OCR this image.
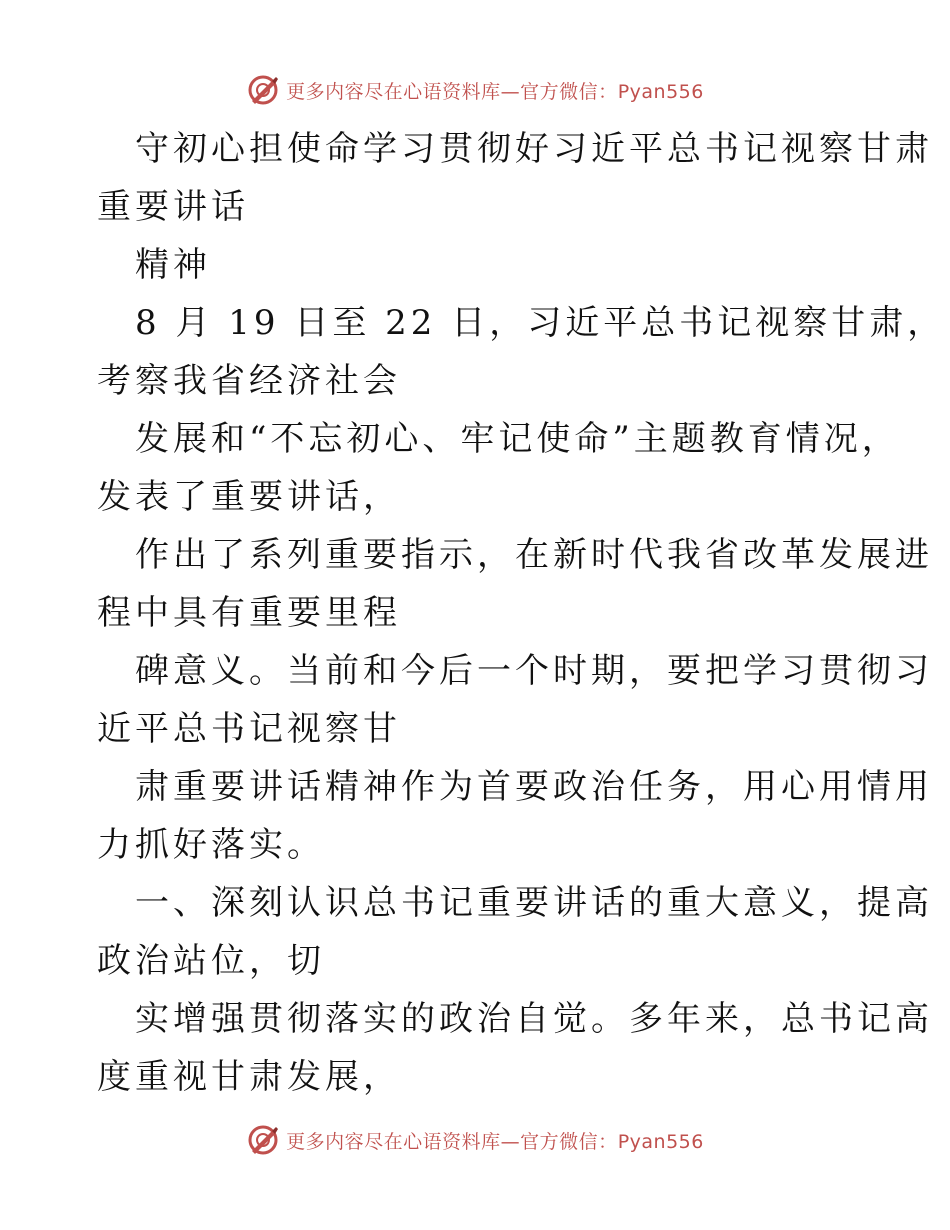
更多内容尽在心语资料库—官方微信：Pyan556
守初心担使命学习贯彻好习近平总书记视察甘肃
重要讲话
精神
8 月 19 日至 22 日，习近平总书记视察甘肃，
考察我省经济社会
发展和“不忘初心、牢记使命”主题教育情况，
发表了重要讲话，
作出了系列重要指示，在新时代我省改革发展进
程中具有重要里程
碑意义。当前和今后一个时期，要把学习贯彻习
近平总书记视察甘
肃重要讲话精神作为首要政治任务，用心用情用
力抓好落实。
一、深刻认识总书记重要讲话的重大意义，提高
政治站位，切
实增强贯彻落实的政治自觉。多年来，总书记高
度重视甘肃发展，
更多内容尽在心语资料库—官方微信：Pyan556
